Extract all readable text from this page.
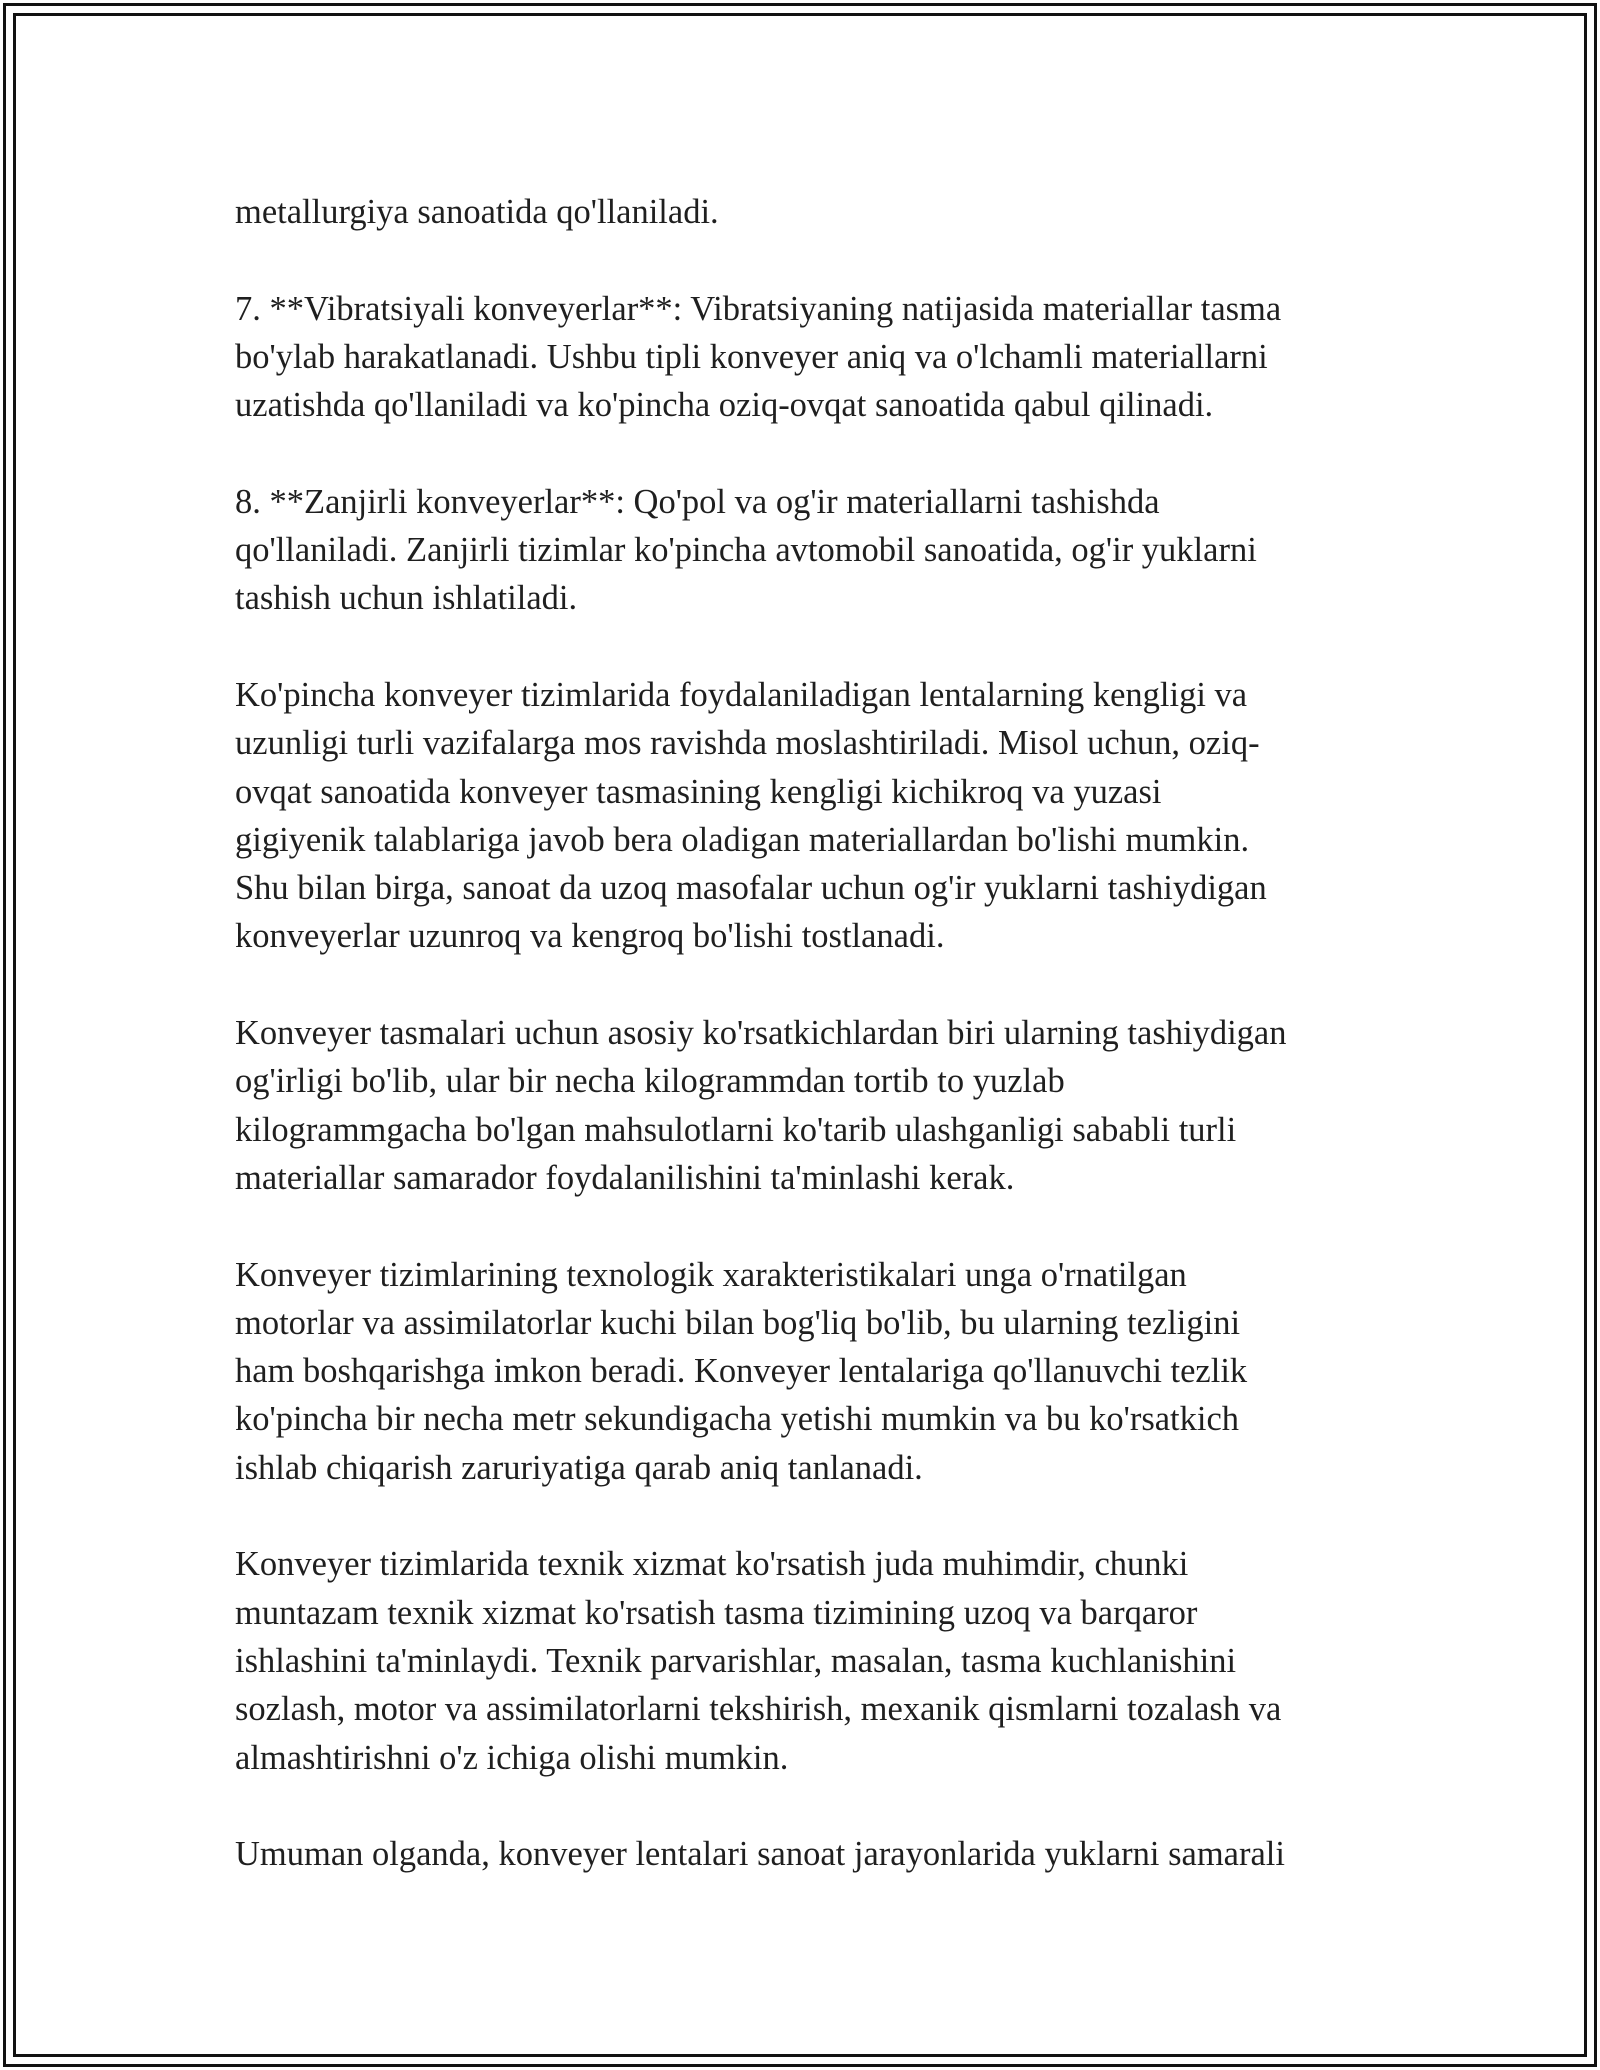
metallurgiya sanoatida qo'llaniladi.

7. **Vibratsiyali konveyerlar**: Vibratsiyaning natijasida materiallar tasma
bo'ylab harakatlanadi. Ushbu tipli konveyer aniq va o'lchamli materiallarni
uzatishda qo'llaniladi va ko'pincha oziq-ovqat sanoatida qabul qilinadi.

8. **Zanjirli konveyerlar**: Qo'pol va og'ir materiallarni tashishda
qo'llaniladi. Zanjirli tizimlar ko'pincha avtomobil sanoatida, og'ir yuklarni
tashish uchun ishlatiladi.

Ko'pincha konveyer tizimlarida foydalaniladigan lentalarning kengligi va
uzunligi turli vazifalarga mos ravishda moslashtiriladi. Misol uchun, oziq-
ovqat sanoatida konveyer tasmasining kengligi kichikroq va yuzasi
gigiyenik talablariga javob bera oladigan materiallardan bo'lishi mumkin.
Shu bilan birga, sanoat da uzoq masofalar uchun og'ir yuklarni tashiydigan
konveyerlar uzunroq va kengroq bo'lishi tostlanadi.

Konveyer tasmalari uchun asosiy ko'rsatkichlardan biri ularning tashiydigan
og'irligi bo'lib, ular bir necha kilogrammdan tortib to yuzlab
kilogrammgacha bo'lgan mahsulotlarni ko'tarib ulashganligi sababli turli
materiallar samarador foydalanilishini ta'minlashi kerak.

Konveyer tizimlarining texnologik xarakteristikalari unga o'rnatilgan
motorlar va assimilatorlar kuchi bilan bog'liq bo'lib, bu ularning tezligini
ham boshqarishga imkon beradi. Konveyer lentalariga qo'llanuvchi tezlik
ko'pincha bir necha metr sekundigacha yetishi mumkin va bu ko'rsatkich
ishlab chiqarish zaruriyatiga qarab aniq tanlanadi.

Konveyer tizimlarida texnik xizmat ko'rsatish juda muhimdir, chunki
muntazam texnik xizmat ko'rsatish tasma tizimining uzoq va barqaror
ishlashini ta'minlaydi. Texnik parvarishlar, masalan, tasma kuchlanishini
sozlash, motor va assimilatorlarni tekshirish, mexanik qismlarni tozalash va
almashtirishni o'z ichiga olishi mumkin.

Umuman olganda, konveyer lentalari sanoat jarayonlarida yuklarni samarali
